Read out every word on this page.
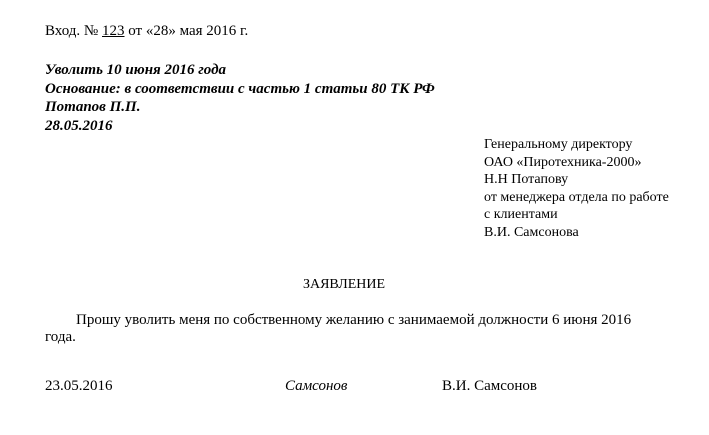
Вход. № 123 от «28» мая 2016 г.
Уволить 10 июня 2016 года
Основание: в соответствии с частью 1 статьи 80 ТК РФ
Потапов П.П.
28.05.2016
Генеральному директору
ОАО «Пиротехника-2000»
Н.Н Потапову
от менеджера отдела по работе
с клиентами
В.И. Самсонова
ЗАЯВЛЕНИЕ
Прошу уволить меня по собственному желанию с занимаемой должности 6 июня 2016
года.
23.05.2016	Самсонов	В.И. Самсонов
